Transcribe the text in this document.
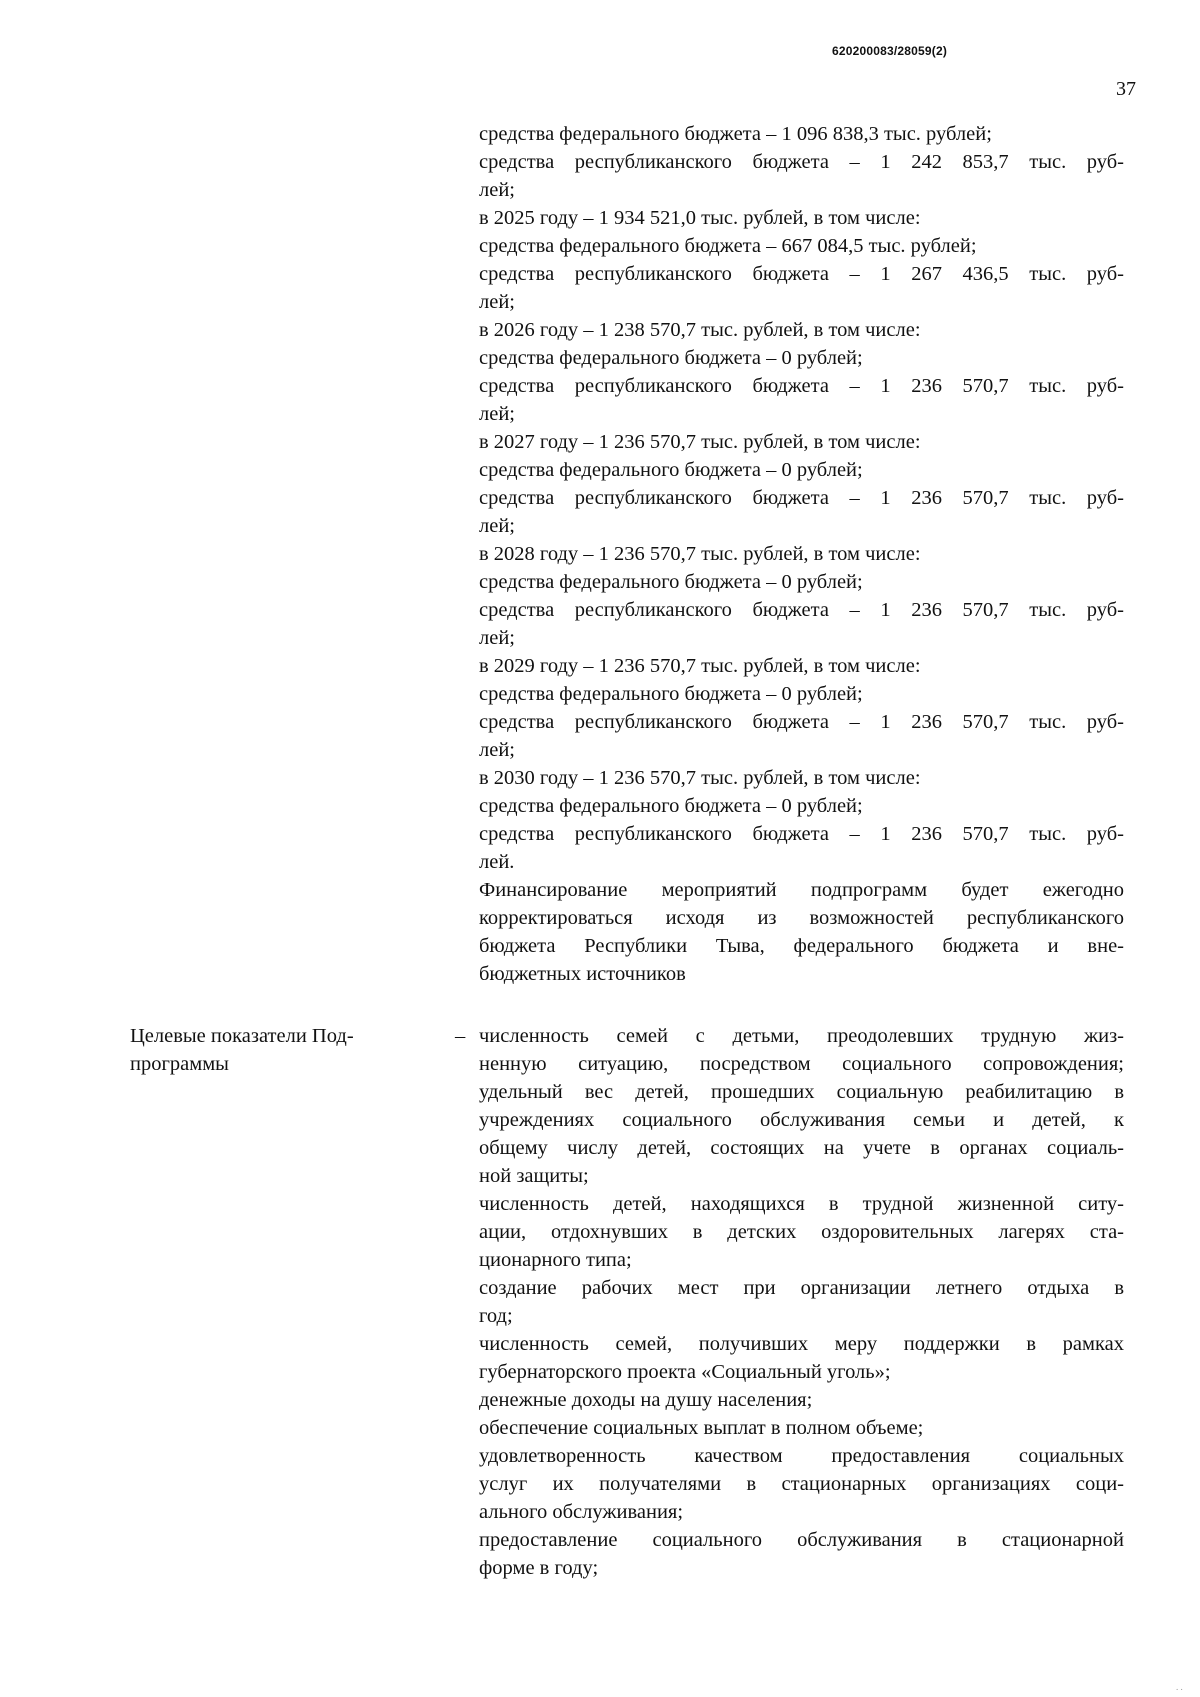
620200083/28059(2)
37
средства федерального бюджета – 1 096 838,3 тыс. рублей;
средства республиканского бюджета – 1 242 853,7 тыс. руб-
лей;
в 2025 году – 1 934 521,0 тыс. рублей, в том числе:
средства федерального бюджета – 667 084,5 тыс. рублей;
средства республиканского бюджета – 1 267 436,5 тыс. руб-
лей;
в 2026 году – 1 238 570,7 тыс. рублей, в том числе:
средства федерального бюджета – 0 рублей;
средства республиканского бюджета – 1 236 570,7 тыс. руб-
лей;
в 2027 году – 1 236 570,7 тыс. рублей, в том числе:
средства федерального бюджета – 0 рублей;
средства республиканского бюджета – 1 236 570,7 тыс. руб-
лей;
в 2028 году – 1 236 570,7 тыс. рублей, в том числе:
средства федерального бюджета – 0 рублей;
средства республиканского бюджета – 1 236 570,7 тыс. руб-
лей;
в 2029 году – 1 236 570,7 тыс. рублей, в том числе:
средства федерального бюджета – 0 рублей;
средства республиканского бюджета – 1 236 570,7 тыс. руб-
лей;
в 2030 году – 1 236 570,7 тыс. рублей, в том числе:
средства федерального бюджета – 0 рублей;
средства республиканского бюджета – 1 236 570,7 тыс. руб-
лей.
Финансирование мероприятий подпрограмм будет ежегодно
корректироваться исходя из возможностей республиканского
бюджета Республики Тыва, федерального бюджета и вне-
бюджетных источников
Целевые показатели Под-
программы
– численность семей с детьми, преодолевших трудную жиз-
ненную ситуацию, посредством социального сопровождения;
удельный вес детей, прошедших социальную реабилитацию в
учреждениях социального обслуживания семьи и детей, к
общему числу детей, состоящих на учете в органах социаль-
ной защиты;
численность детей, находящихся в трудной жизненной ситу-
ации, отдохнувших в детских оздоровительных лагерях ста-
ционарного типа;
создание рабочих мест при организации летнего отдыха в
год;
численность семей, получивших меру поддержки в рамках
губернаторского проекта «Социальный уголь»;
денежные доходы на душу населения;
обеспечение социальных выплат в полном объеме;
удовлетворенность качеством предоставления социальных
услуг их получателями в стационарных организациях соци-
ального обслуживания;
предоставление социального обслуживания в стационарной
форме в году;
. .
